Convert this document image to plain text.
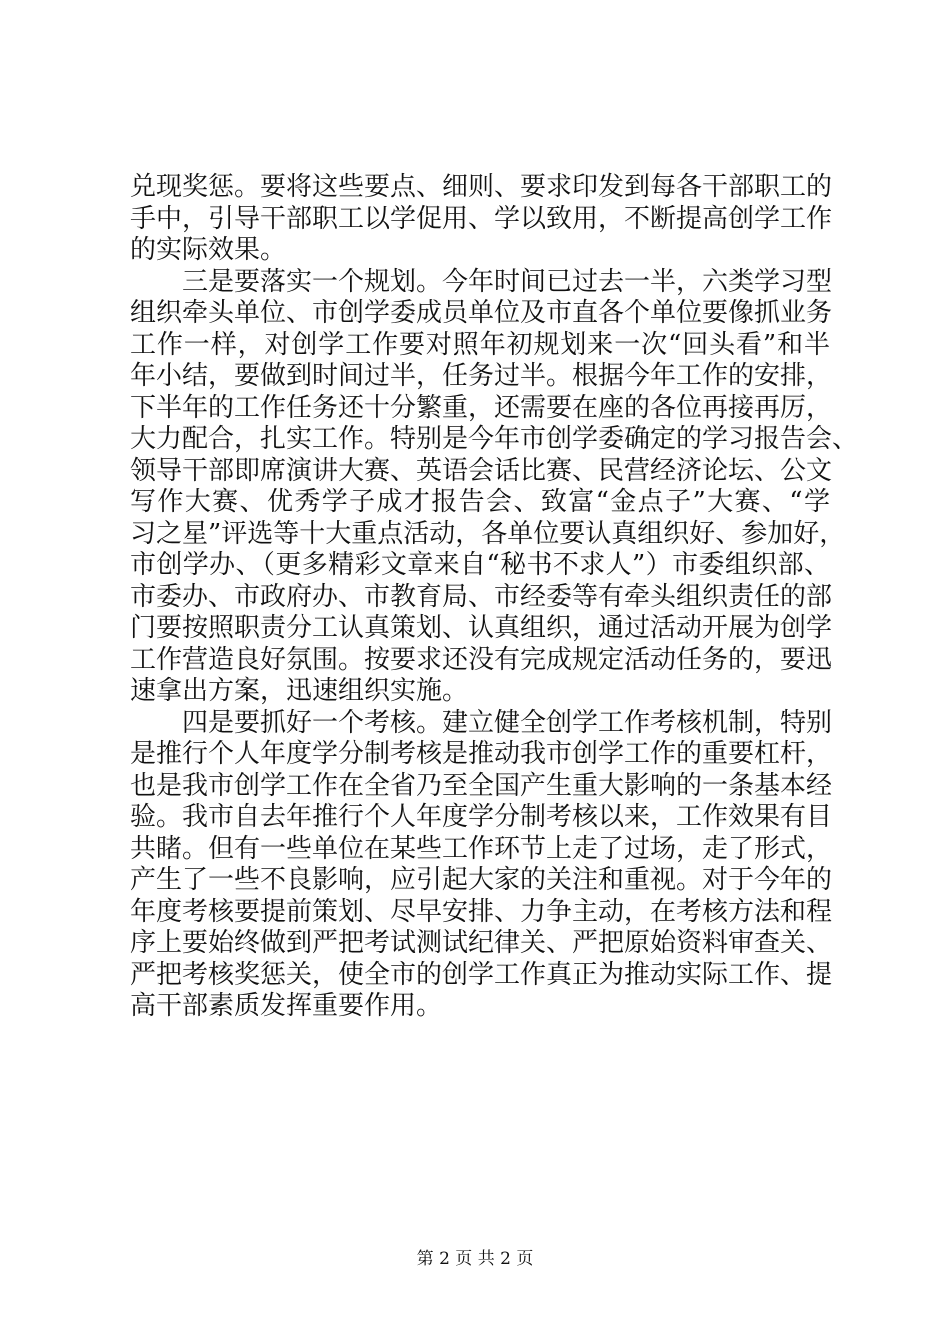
兑现奖惩。要将这些要点、细则、要求印发到每各干部职工的
手中，引导干部职工以学促用、学以致用，不断提高创学工作
的实际效果。
三是要落实一个规划。今年时间已过去一半，六类学习型
组织牵头单位、市创学委成员单位及市直各个单位要像抓业务
工作一样，对创学工作要对照年初规划来一次“回头看”和半
年小结，要做到时间过半，任务过半。根据今年工作的安排，
下半年的工作任务还十分繁重，还需要在座的各位再接再厉，
大力配合，扎实工作。特别是今年市创学委确定的学习报告会、
领导干部即席演讲大赛、英语会话比赛、民营经济论坛、公文
写作大赛、优秀学子成才报告会、致富“金点子”大赛、“学
习之星”评选等十大重点活动，各单位要认真组织好、参加好，
市创学办、（更多精彩文章来自“秘书不求人”）市委组织部、
市委办、市政府办、市教育局、市经委等有牵头组织责任的部
门要按照职责分工认真策划、认真组织，通过活动开展为创学
工作营造良好氛围。按要求还没有完成规定活动任务的，要迅
速拿出方案，迅速组织实施。
四是要抓好一个考核。建立健全创学工作考核机制，特别
是推行个人年度学分制考核是推动我市创学工作的重要杠杆，
也是我市创学工作在全省乃至全国产生重大影响的一条基本经
验。我市自去年推行个人年度学分制考核以来，工作效果有目
共睹。但有一些单位在某些工作环节上走了过场，走了形式，
产生了一些不良影响，应引起大家的关注和重视。对于今年的
年度考核要提前策划、尽早安排、力争主动，在考核方法和程
序上要始终做到严把考试测试纪律关、严把原始资料审查关、
严把考核奖惩关，使全市的创学工作真正为推动实际工作、提
高干部素质发挥重要作用。
第 2 页 共 2 页
